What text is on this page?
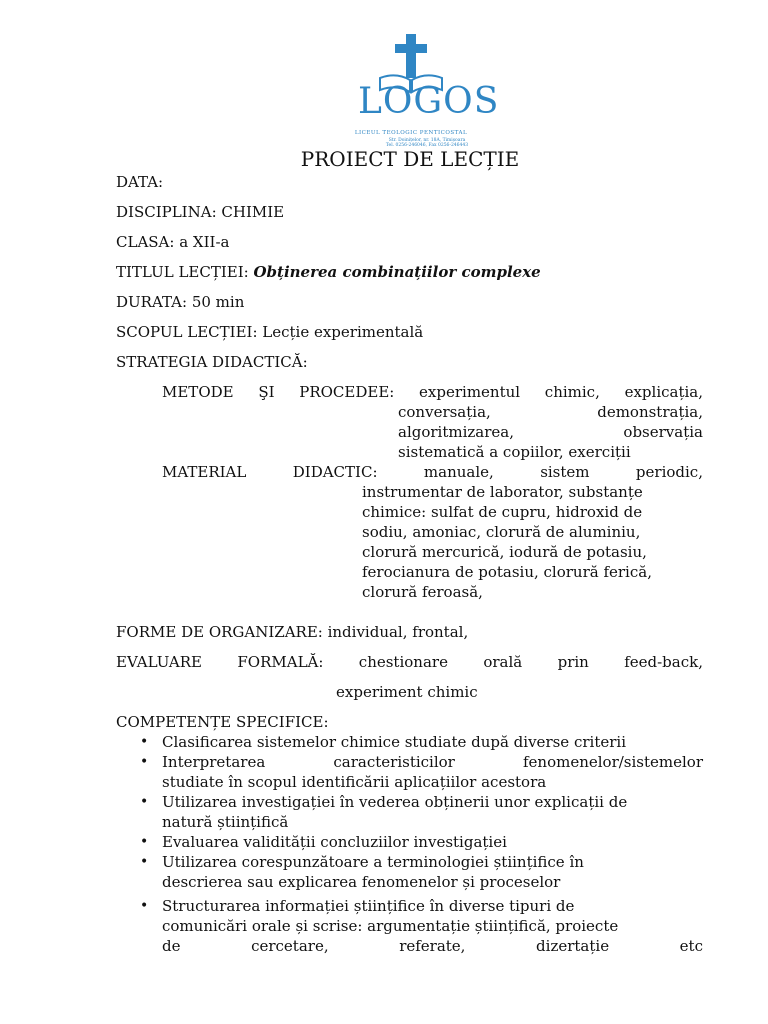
LOGOS
LICEUL TEOLOGIC PENTICOSTAL
Str. Doinițelor, nr. 18A, Timișoara
Tel. 0256-246046, Fax 0256-246443
PROIECT DE LECȚIE
DATA:
DISCIPLINA: CHIMIE
CLASA: a XII-a
TITLUL LECȚIEI: Obținerea combinațiilor complexe
DURATA: 50 min
SCOPUL LECȚIEI: Lecție experimentală
STRATEGIA DIDACTICĂ:
METODE ŞI PROCEDEE: experimentul chimic, explicația,
conversația,	demonstrația,
algoritmizarea,	observația
sistematică a copiilor, exerciții
MATERIAL	DIDACTIC:	manuale,	sistem	periodic,
instrumentar de laborator, substanțe
chimice: sulfat de cupru, hidroxid de
sodiu, amoniac, clorură de aluminiu,
clorură mercurică, iodură de potasiu,
ferocianura de potasiu, clorură ferică,
clorură feroasă,
FORME DE ORGANIZARE: individual, frontal,
EVALUARE FORMALĂ: chestionare orală prin feed-back,
experiment chimic
COMPETENȚE SPECIFICE:
• Clasificarea sistemelor chimice studiate după diverse criterii
• Interpretarea	caracteristicilor	fenomenelor/sistemelor
studiate în scopul identificării aplicațiilor acestora
• Utilizarea investigației în vederea obținerii unor explicații de
natură științifică
• Evaluarea validității concluziilor investigației
• Utilizarea corespunzătoare a terminologiei științifice în
descrierea sau explicarea fenomenelor și proceselor
• Structurarea informației științifice în diverse tipuri de
comunicări orale și scrise: argumentație științifică, proiecte
de	cercetare,	referate,	dizertație	etc
